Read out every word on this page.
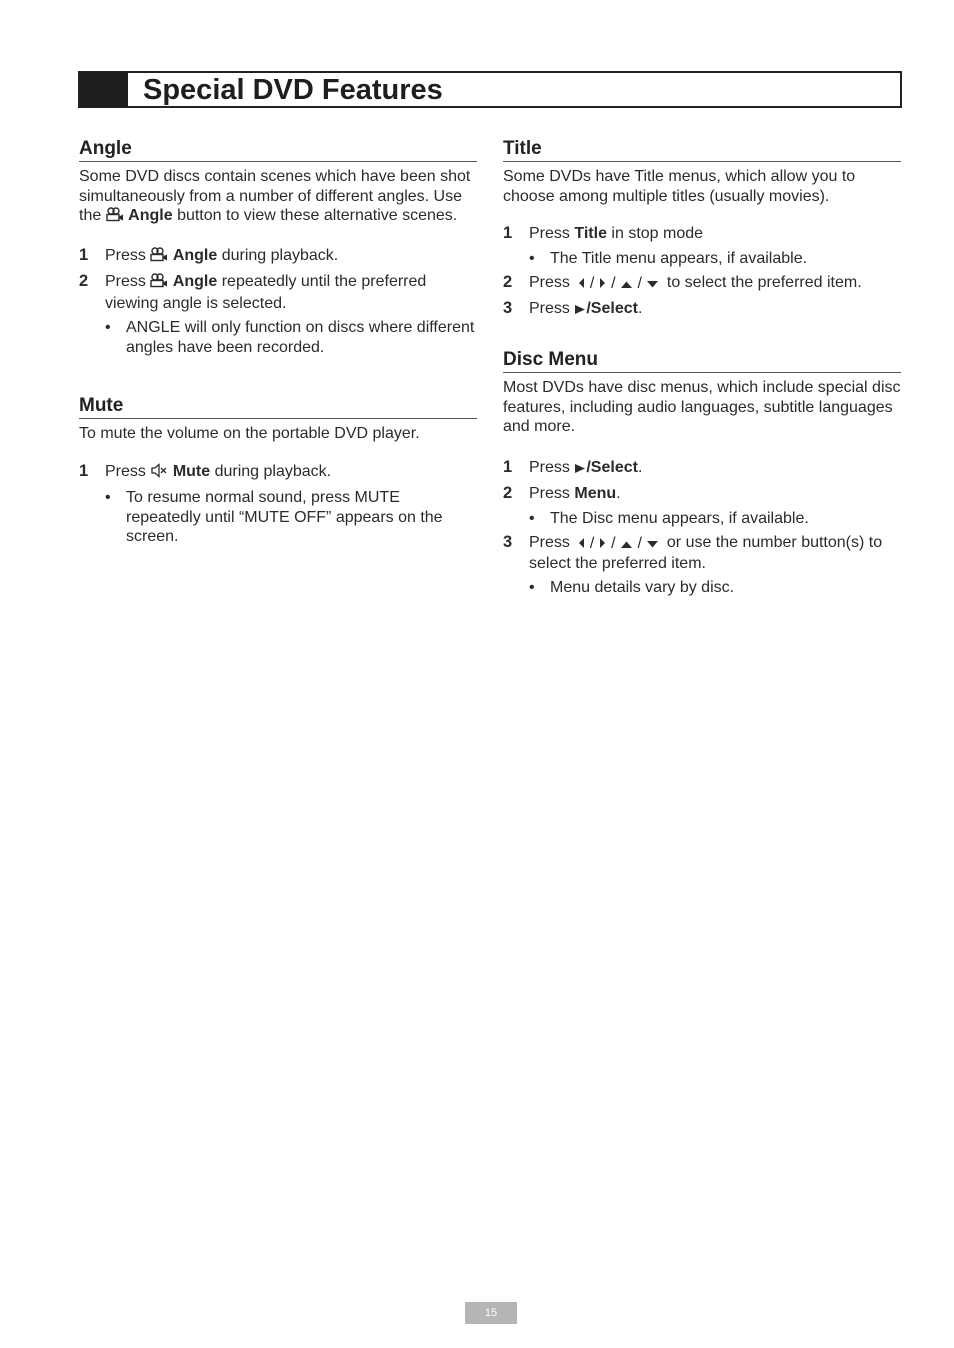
Special DVD Features
Angle

Some DVD discs contain scenes which have been shot simultaneously from a number of different angles. Use the Angle button to view these alternative scenes.

1 Press Angle during playback.
2 Press Angle repeatedly until the preferred viewing angle is selected.
• ANGLE will only function on discs where different angles have been recorded.
Mute

To mute the volume on the portable DVD player.

1 Press Mute during playback.
• To resume normal sound, press MUTE repeatedly until “MUTE OFF” appears on the screen.
Title

Some DVDs have Title menus, which allow you to choose among multiple titles (usually movies).

1 Press Title in stop mode
• The Title menu appears, if available.
2 Press / / / to select the preferred item.
3 Press /Select.
Disc Menu

Most DVDs have disc menus, which include special disc features, including audio languages, subtitle languages and more.

1 Press /Select.
2 Press Menu.
• The Disc menu appears, if available.
3 Press / / / or use the number button(s) to select the preferred item.
• Menu details vary by disc.
15
